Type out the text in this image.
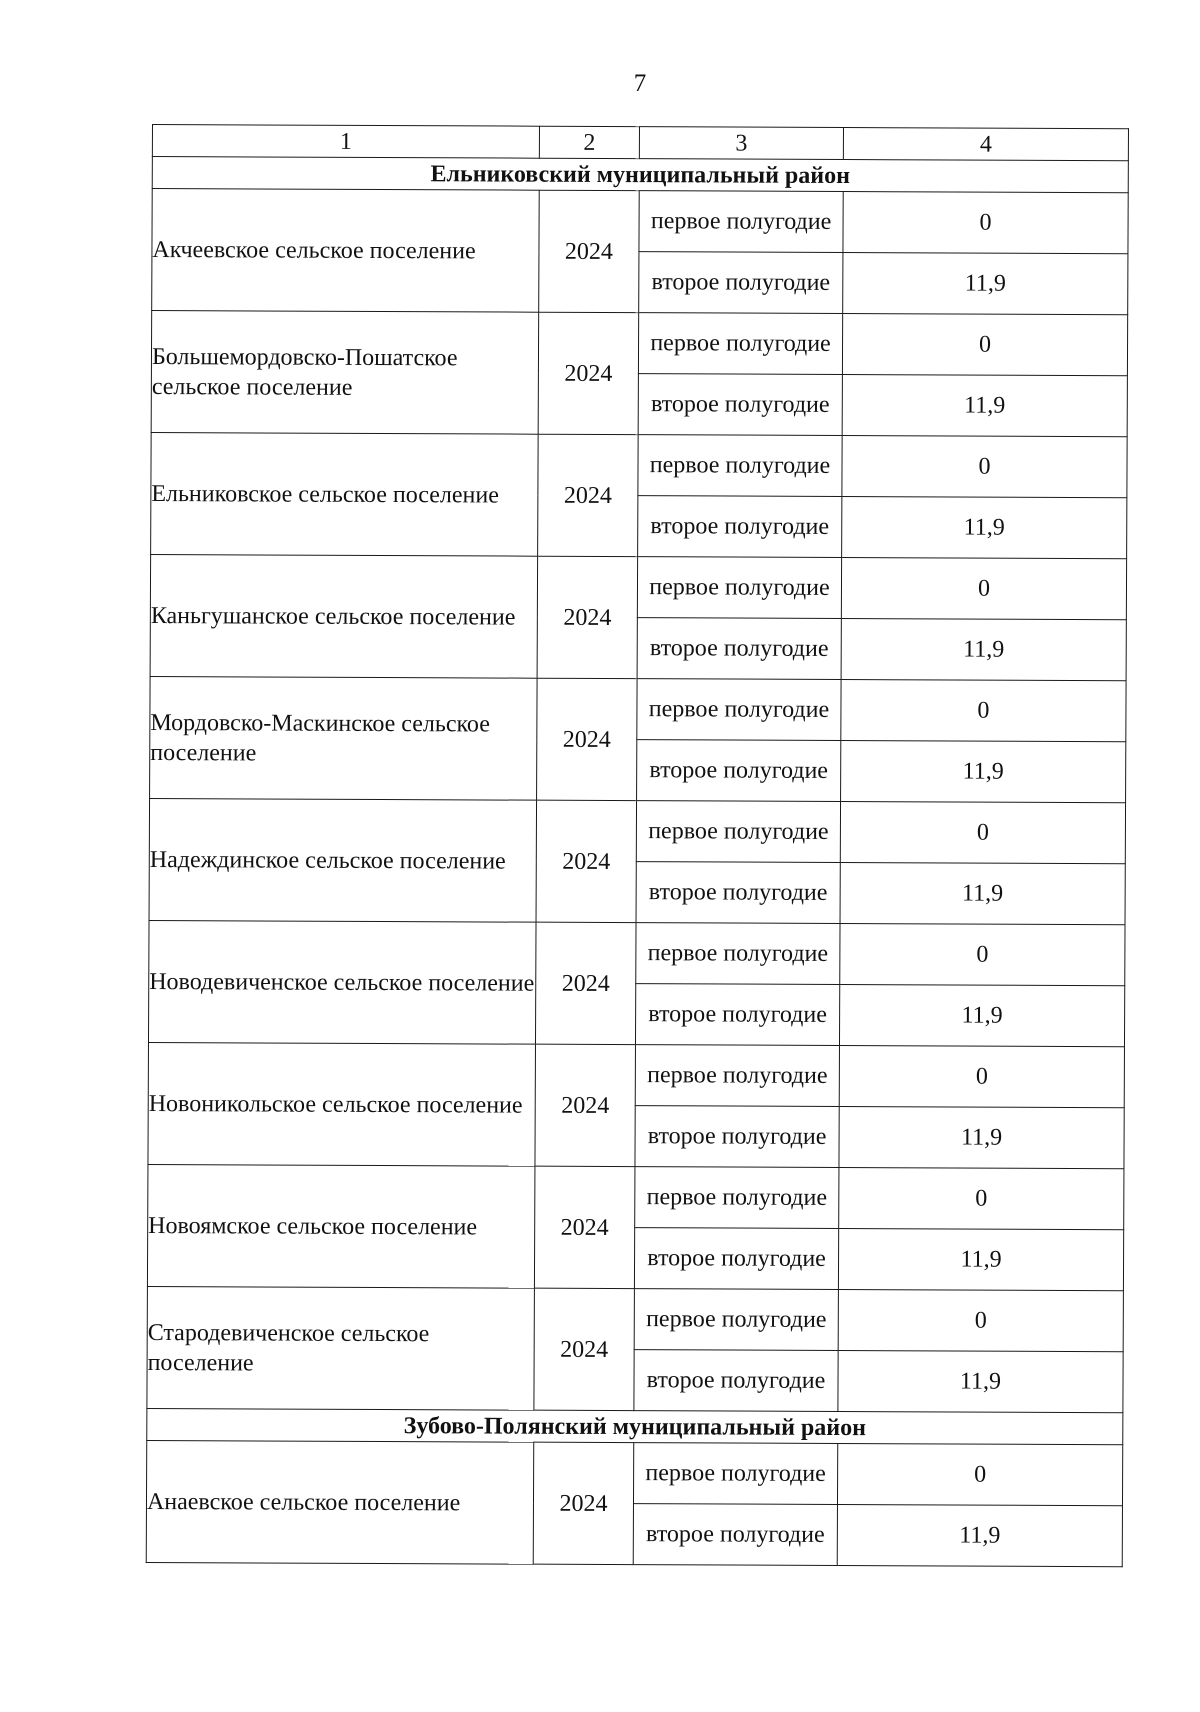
7
1	2	3	4
Ельниковский муниципальный район			
Акчеевское сельское поселение	2024	первое полугодие	0
		второе полугодие	11,9
Большемордовско-Пошатское сельское поселение	2024	первое полугодие	0
		второе полугодие	11,9
Ельниковское сельское поселение	2024	первое полугодие	0
		второе полугодие	11,9
Каньгушанское сельское поселение	2024	первое полугодие	0
		второе полугодие	11,9
Мордовско-Маскинское сельское поселение	2024	первое полугодие	0
		второе полугодие	11,9
Надеждинское сельское поселение	2024	первое полугодие	0
		второе полугодие	11,9
Новодевиченское сельское поселение	2024	первое полугодие	0
		второе полугодие	11,9
Новоникольское сельское поселение	2024	первое полугодие	0
		второе полугодие	11,9
Новоямское сельское поселение	2024	первое полугодие	0
		второе полугодие	11,9
Стародевиченское сельское поселение	2024	первое полугодие	0
		второе полугодие	11,9
Зубово-Полянский муниципальный район			
Анаевское сельское поселение	2024	первое полугодие	0
		второе полугодие	11,9
